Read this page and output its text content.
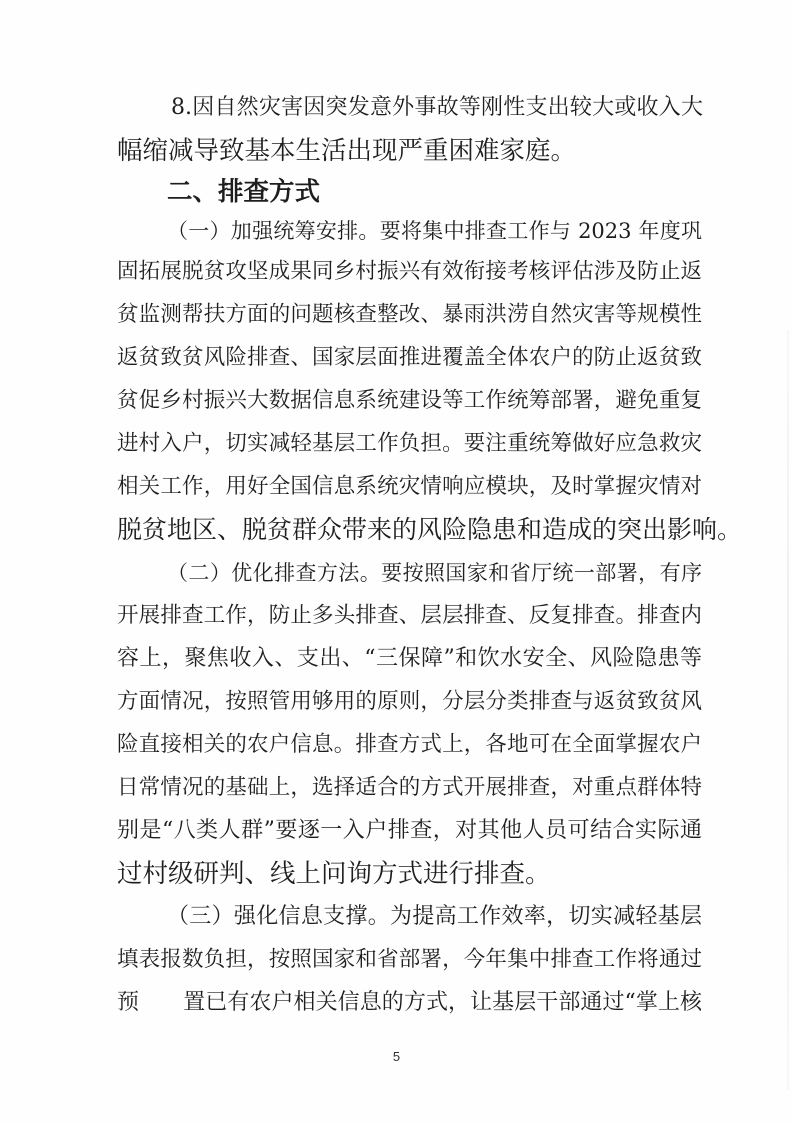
8.因自然灾害因突发意外事故等刚性支出较大或收入大
幅缩减导致基本生活出现严重困难家庭。
二、排查方式
（一）加强统筹安排。要将集中排查工作与 2023 年度巩
固拓展脱贫攻坚成果同乡村振兴有效衔接考核评估涉及防止返
贫监测帮扶方面的问题核查整改、暴雨洪涝自然灾害等规模性
返贫致贫风险排查、国家层面推进覆盖全体农户的防止返贫致
贫促乡村振兴大数据信息系统建设等工作统筹部署，避免重复
进村入户，切实减轻基层工作负担。要注重统筹做好应急救灾
相关工作，用好全国信息系统灾情响应模块，及时掌握灾情对
脱贫地区、脱贫群众带来的风险隐患和造成的突出影响。
（二）优化排查方法。要按照国家和省厅统一部署，有序
开展排查工作，防止多头排查、层层排查、反复排查。排查内
容上，聚焦收入、支出、“三保障”和饮水安全、风险隐患等
方面情况，按照管用够用的原则，分层分类排查与返贫致贫风
险直接相关的农户信息。排查方式上，各地可在全面掌握农户
日常情况的基础上，选择适合的方式开展排查，对重点群体特
别是“八类人群”要逐一入户排查，对其他人员可结合实际通
过村级研判、线上问询方式进行排查。
（三）强化信息支撑。为提高工作效率，切实减轻基层
填表报数负担，按照国家和省部署，今年集中排查工作将通过
预　　置已有农户相关信息的方式，让基层干部通过“掌上核
5
